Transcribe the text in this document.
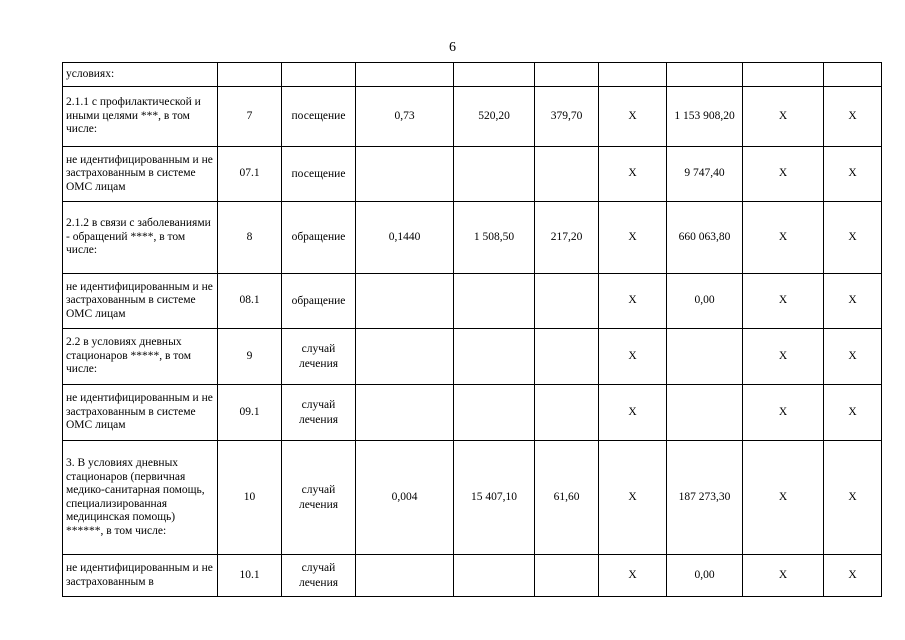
6
условиях:									
2.1.1 с профилактической и иными целями ***, в том числе:	7	посещение	0,73	520,20	379,70	Х	1 153 908,20	Х	Х
не идентифицированным и не застрахованным в системе ОМС лицам	07.1	посещение				Х	9 747,40	Х	Х
2.1.2 в связи с заболеваниями - обращений ****, в том числе:	8	обращение	0,1440	1 508,50	217,20	Х	660 063,80	Х	Х
не идентифицированным и не застрахованным в системе ОМС лицам	08.1	обращение				Х	0,00	Х	Х
2.2 в условиях дневных стационаров *****, в том числе:	9	случай лечения				Х		Х	Х
не идентифицированным и не застрахованным в системе ОМС лицам	09.1	случай лечения				Х		Х	Х
3. В условиях дневных стационаров (первичная медико-санитарная помощь, специализированная медицинская помощь) ******, в том числе:	10	случай лечения	0,004	15 407,10	61,60	Х	187 273,30	Х	Х
не идентифицированным и не застрахованным в	10.1	случай лечения				Х	0,00	Х	Х
